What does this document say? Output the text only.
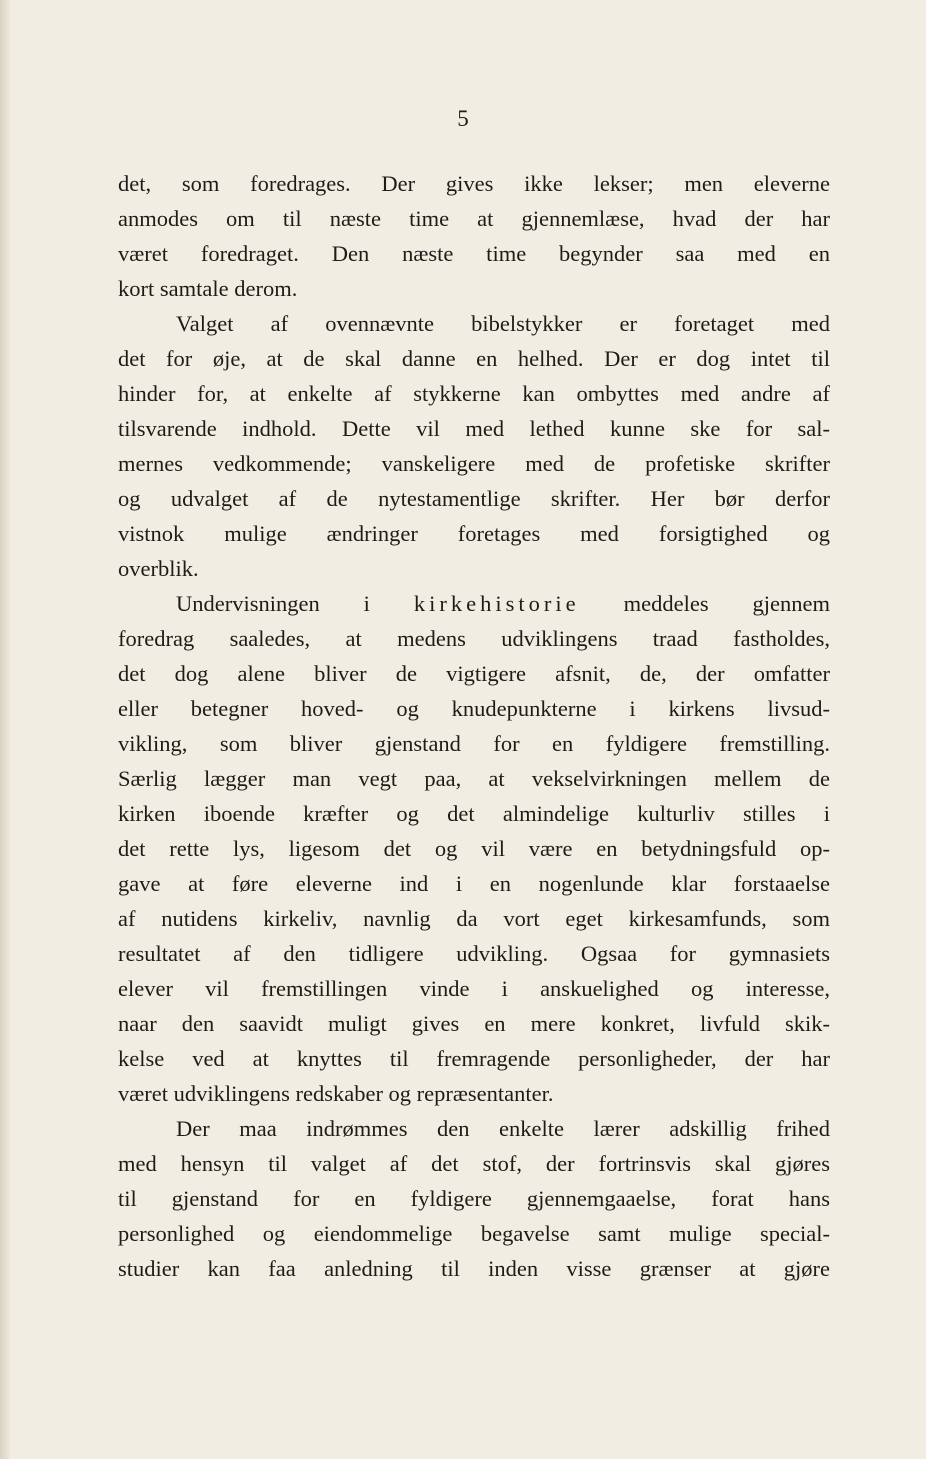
5
det, som foredrages. Der gives ikke lekser; men eleverne
anmodes om til næste time at gjennemlæse, hvad der har
været foredraget. Den næste time begynder saa med en
kort samtale derom.
Valget af ovennævnte bibelstykker er foretaget med
det for øje, at de skal danne en helhed. Der er dog intet til
hinder for, at enkelte af stykkerne kan ombyttes med andre af
tilsvarende indhold. Dette vil med lethed kunne ske for sal-
mernes vedkommende; vanskeligere med de profetiske skrifter
og udvalget af de nytestamentlige skrifter. Her bør derfor
vistnok mulige ændringer foretages med forsigtighed og
overblik.
Undervisningen i kirkehistorie meddeles gjennem
foredrag saaledes, at medens udviklingens traad fastholdes,
det dog alene bliver de vigtigere afsnit, de, der omfatter
eller betegner hoved- og knudepunkterne i kirkens livsud-
vikling, som bliver gjenstand for en fyldigere fremstilling.
Særlig lægger man vegt paa, at vekselvirkningen mellem de
kirken iboende kræfter og det almindelige kulturliv stilles i
det rette lys, ligesom det og vil være en betydningsfuld op-
gave at føre eleverne ind i en nogenlunde klar forstaaelse
af nutidens kirkeliv, navnlig da vort eget kirkesamfunds, som
resultatet af den tidligere udvikling. Ogsaa for gymnasiets
elever vil fremstillingen vinde i anskuelighed og interesse,
naar den saavidt muligt gives en mere konkret, livfuld skik-
kelse ved at knyttes til fremragende personligheder, der har
været udviklingens redskaber og repræsentanter.
Der maa indrømmes den enkelte lærer adskillig frihed
med hensyn til valget af det stof, der fortrinsvis skal gjøres
til gjenstand for en fyldigere gjennemgaaelse, forat hans
personlighed og eiendommelige begavelse samt mulige special-
studier kan faa anledning til inden visse grænser at gjøre
